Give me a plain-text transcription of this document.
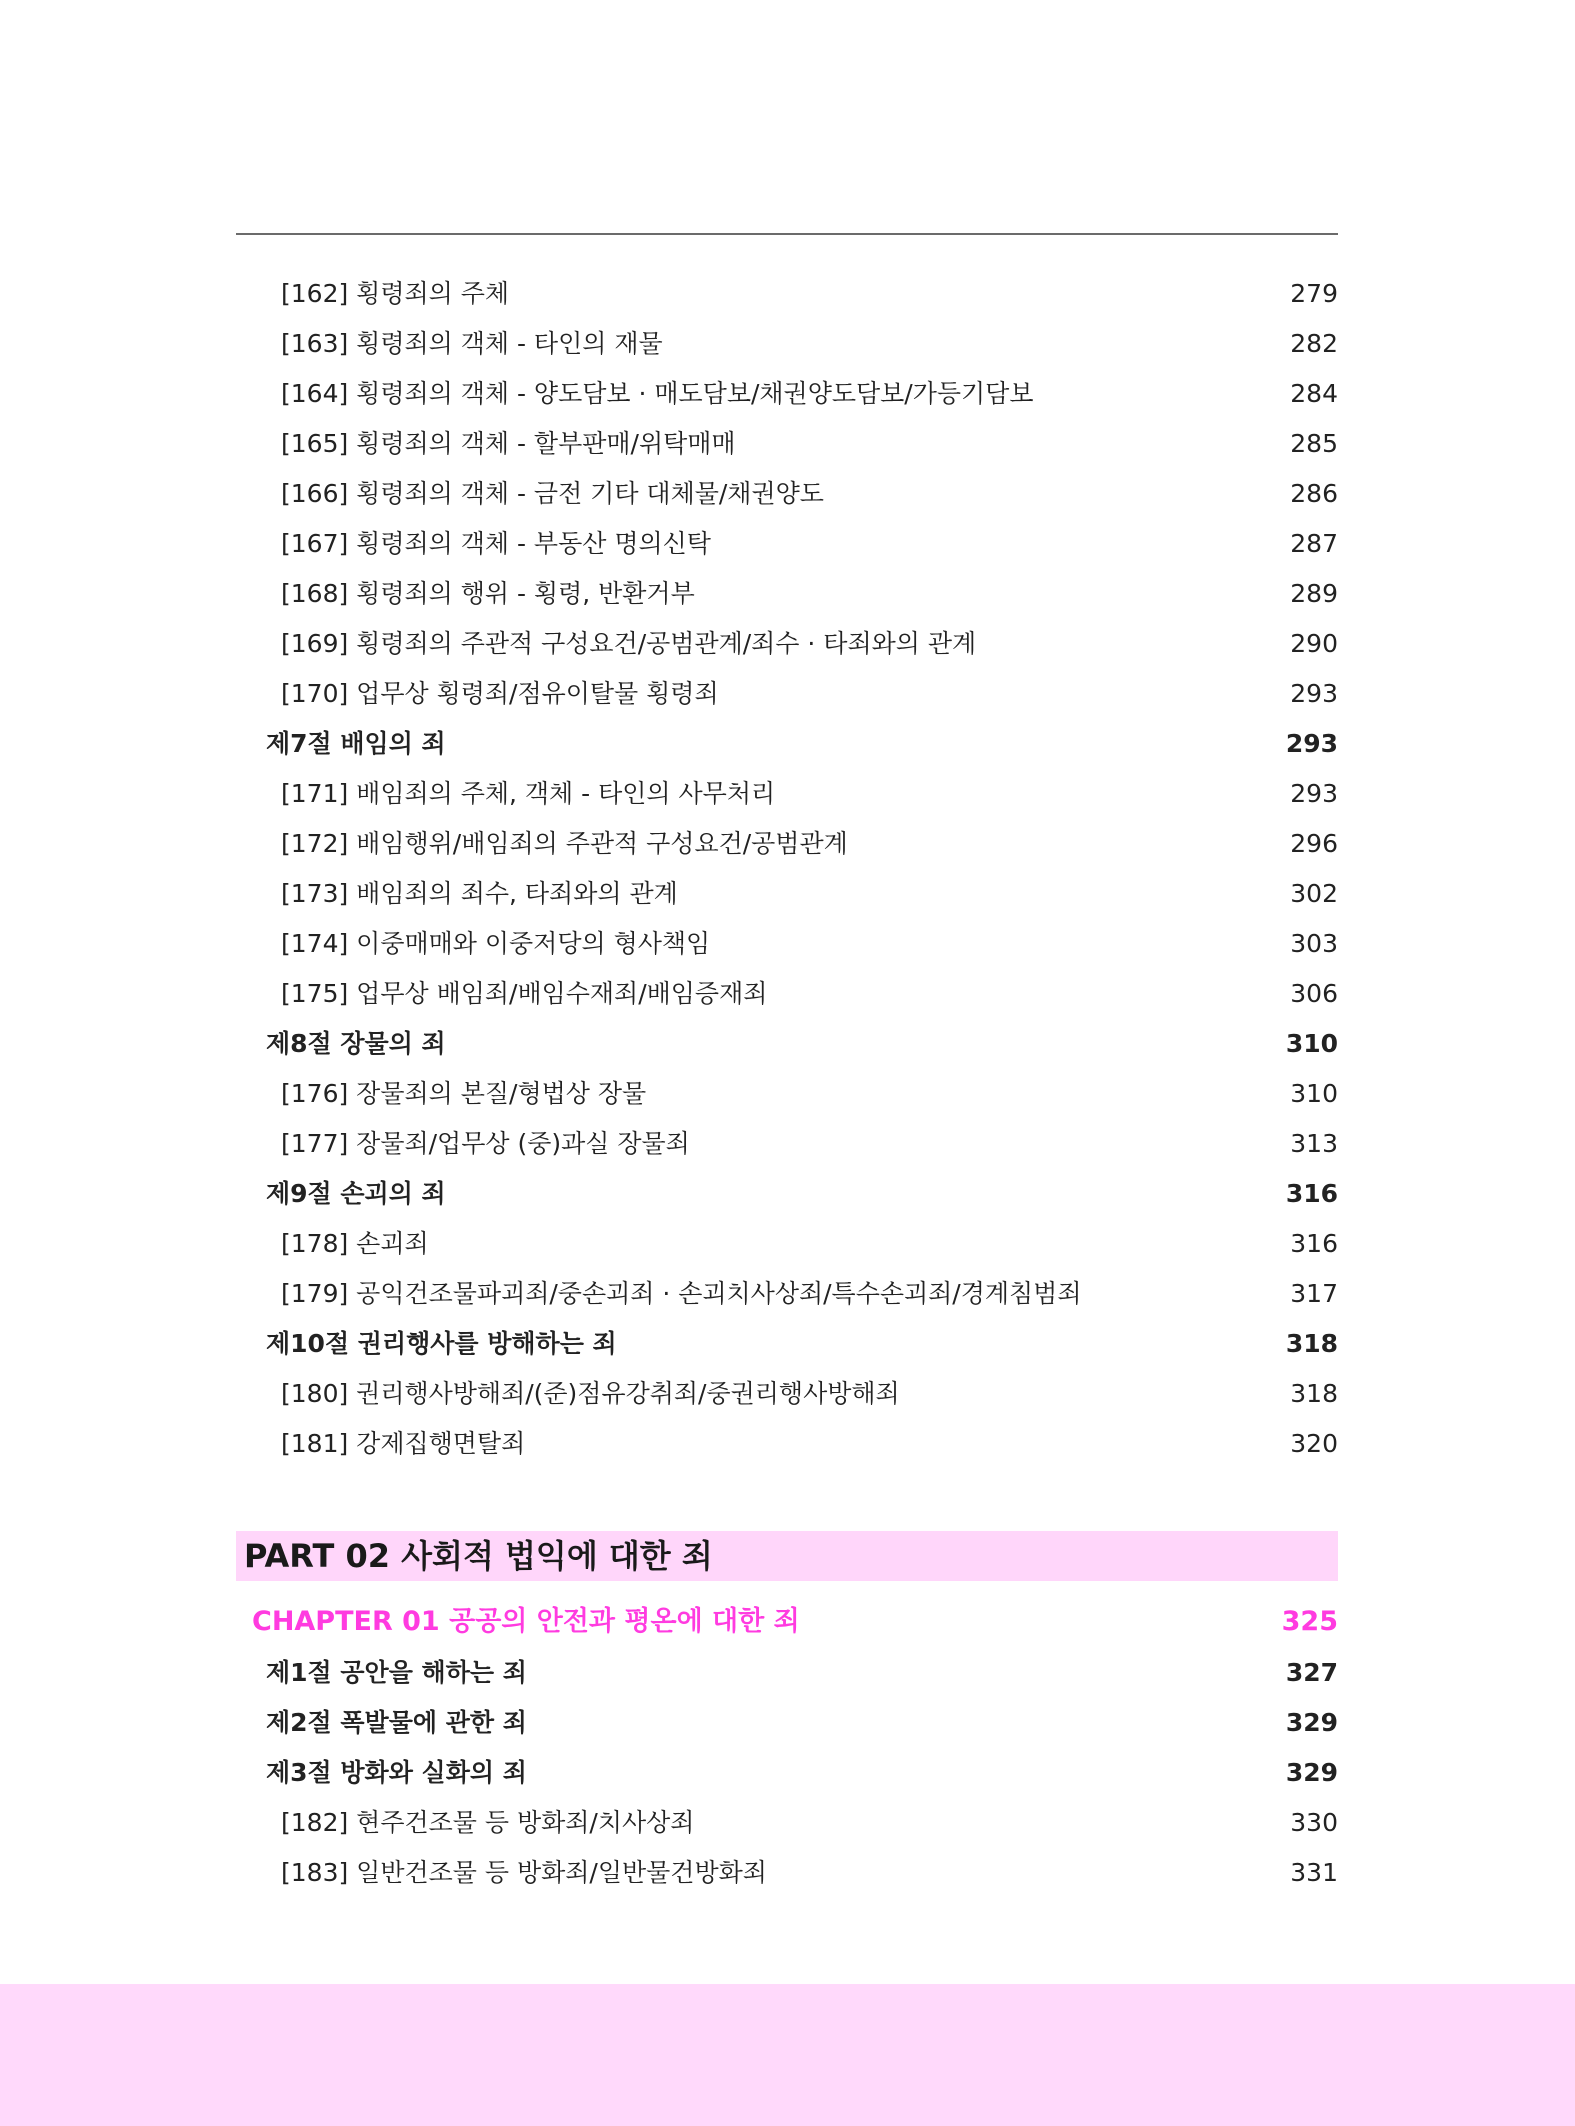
[162] 횡령죄의 주체	279
[163] 횡령죄의 객체 - 타인의 재물	282
[164] 횡령죄의 객체 - 양도담보 · 매도담보/채권양도담보/가등기담보	284
[165] 횡령죄의 객체 - 할부판매/위탁매매	285
[166] 횡령죄의 객체 - 금전 기타 대체물/채권양도	286
[167] 횡령죄의 객체 - 부동산 명의신탁	287
[168] 횡령죄의 행위 - 횡령, 반환거부	289
[169] 횡령죄의 주관적 구성요건/공범관계/죄수 · 타죄와의 관계	290
[170] 업무상 횡령죄/점유이탈물 횡령죄	293
제7절 배임의 죄	293
[171] 배임죄의 주체, 객체 - 타인의 사무처리	293
[172] 배임행위/배임죄의 주관적 구성요건/공범관계	296
[173] 배임죄의 죄수, 타죄와의 관계	302
[174] 이중매매와 이중저당의 형사책임	303
[175] 업무상 배임죄/배임수재죄/배임증재죄	306
제8절 장물의 죄	310
[176] 장물죄의 본질/형법상 장물	310
[177] 장물죄/업무상 (중)과실 장물죄	313
제9절 손괴의 죄	316
[178] 손괴죄	316
[179] 공익건조물파괴죄/중손괴죄 · 손괴치사상죄/특수손괴죄/경계침범죄	317
제10절 권리행사를 방해하는 죄	318
[180] 권리행사방해죄/(준)점유강취죄/중권리행사방해죄	318
[181] 강제집행면탈죄	320
PART 02 사회적 법익에 대한 죄
CHAPTER 01 공공의 안전과 평온에 대한 죄	325
제1절 공안을 해하는 죄	327
제2절 폭발물에 관한 죄	329
제3절 방화와 실화의 죄	329
[182] 현주건조물 등 방화죄/치사상죄	330
[183] 일반건조물 등 방화죄/일반물건방화죄	331
